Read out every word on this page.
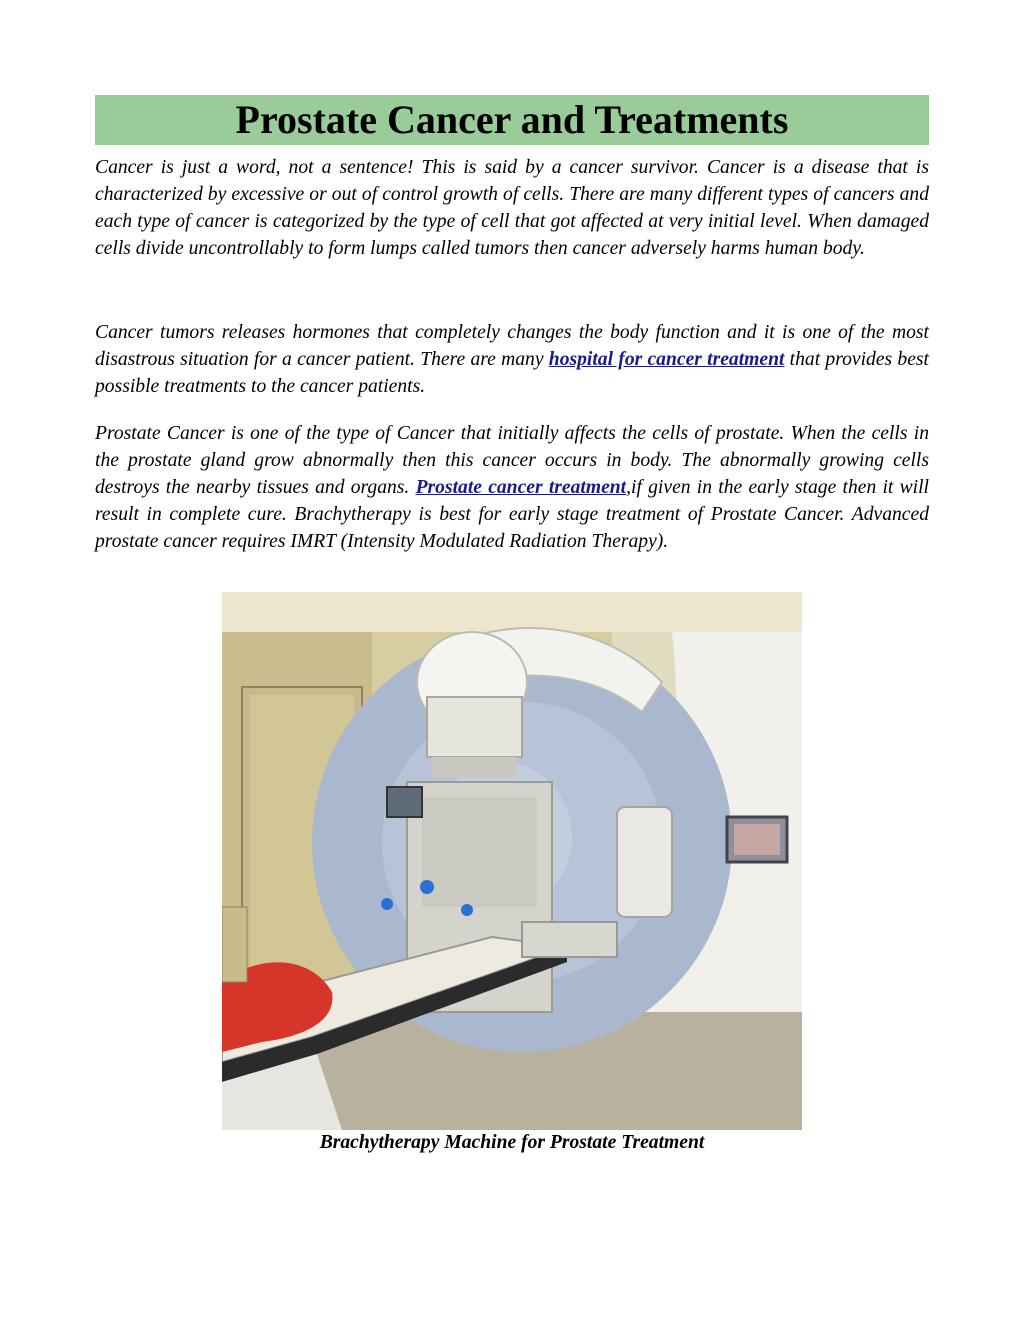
Prostate Cancer and Treatments

Cancer is just a word, not a sentence! This is said by a cancer survivor. Cancer is a disease that is characterized by excessive or out of control growth of cells. There are many different types of cancers and each type of cancer is categorized by the type of cell that got affected at very initial level. When damaged cells divide uncontrollably to form lumps called tumors then cancer adversely harms human body.

Cancer tumors releases hormones that completely changes the body function and it is one of the most disastrous situation for a cancer patient. There are many hospital for cancer treatment that provides best possible treatments to the cancer patients.

Prostate Cancer is one of the type of Cancer that initially affects the cells of prostate. When the cells in the prostate gland grow abnormally then this cancer occurs in body. The abnormally growing cells destroys the nearby tissues and organs. Prostate cancer treatment,if given in the early stage then it will result in complete cure. Brachytherapy is best for early stage treatment of Prostate Cancer. Advanced prostate cancer requires IMRT (Intensity Modulated Radiation Therapy).

Brachytherapy Machine for Prostate Treatment
